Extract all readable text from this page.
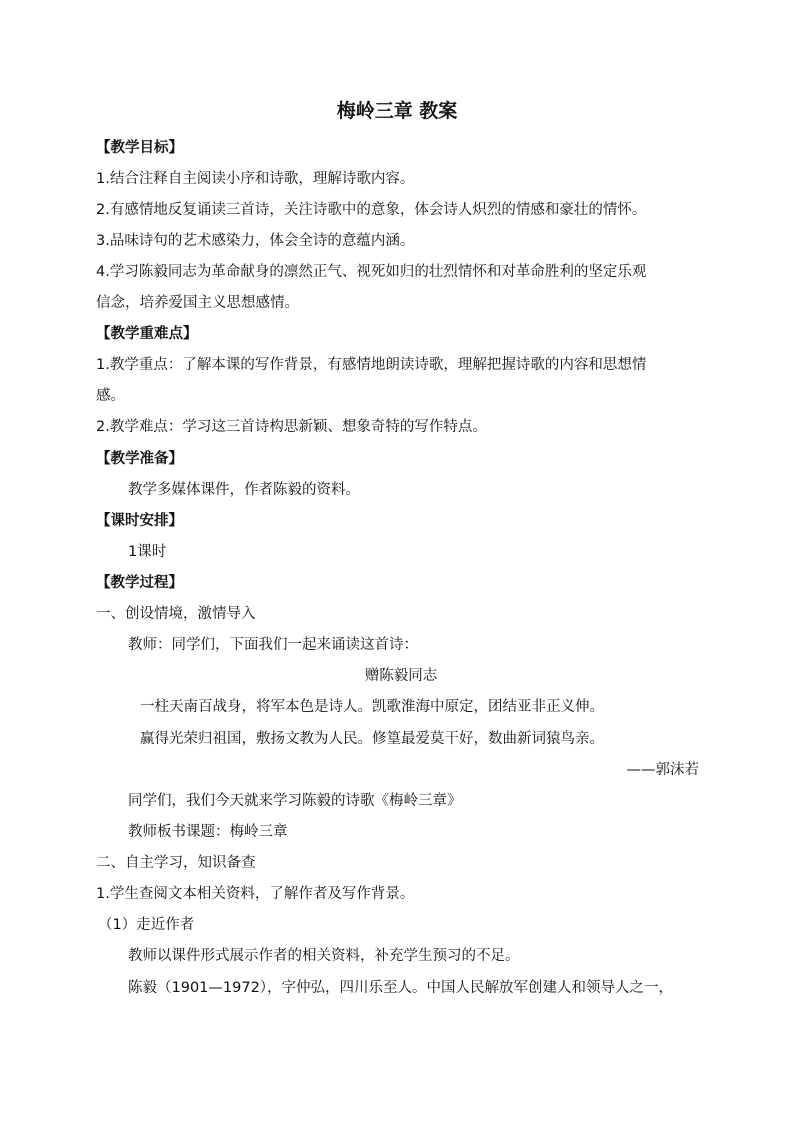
梅岭三章 教案
【教学目标】
1.结合注释自主阅读小序和诗歌，理解诗歌内容。
2.有感情地反复诵读三首诗，关注诗歌中的意象，体会诗人炽烈的情感和豪壮的情怀。
3.品味诗句的艺术感染力，体会全诗的意蕴内涵。
4.学习陈毅同志为革命献身的凛然正气、视死如归的壮烈情怀和对革命胜利的坚定乐观
信念，培养爱国主义思想感情。
【教学重难点】
1.教学重点：了解本课的写作背景，有感情地朗读诗歌，理解把握诗歌的内容和思想情
感。
2.教学难点：学习这三首诗构思新颖、想象奇特的写作特点。
【教学准备】
教学多媒体课件，作者陈毅的资料。
【课时安排】
1课时
【教学过程】
一、创设情境，激情导入
教师：同学们，下面我们一起来诵读这首诗：
赠陈毅同志
一柱天南百战身，将军本色是诗人。凯歌淮海中原定，团结亚非正义伸。
赢得光荣归祖国，敷扬文教为人民。修篁最爱莫干好，数曲新词猿鸟亲。
——郭沫若
同学们，我们今天就来学习陈毅的诗歌《梅岭三章》
教师板书课题：梅岭三章
二、自主学习，知识备查
1.学生查阅文本相关资料，了解作者及写作背景。
（1）走近作者
教师以课件形式展示作者的相关资料，补充学生预习的不足。
陈毅（1901—1972），字仲弘，四川乐至人。中国人民解放军创建人和领导人之一，
